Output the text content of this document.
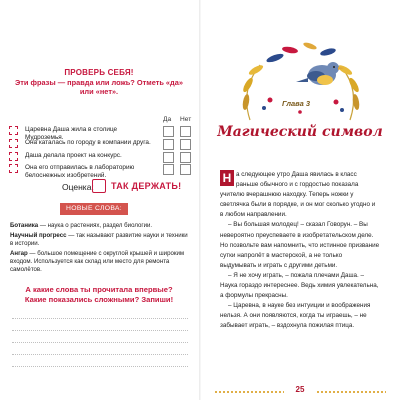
ПРОВЕРЬ СЕБЯ!
Эти фразы — правда или ложь? Отметь «да»
или «нет».
Да Нет
Царевна Даша жила в столице Мудроземья.
Она каталась по городу в компании друга.
Даша делала проект на конкурс.
Она его отправилась в лабораторию белоснежных изобретений.
Оценка: ТАК ДЕРЖАТЬ!
НОВЫЕ СЛОВА:
Ботаника — наука о растениях, раздел биологии.
Научный прогресс — так называют развитие науки и техники в истории.
Ангар — большое помещение с округлой крышей и широким входом. Используется как склад или место для ремонта самолётов.
А какие слова ты прочитала впервые?
Какие показались сложными? Запиши!
Глава 3
Магический символ
Н а следующее утро Даша явилась в класс раньше обычного и с гордостью показала учителю вчерашнюю находку. Теперь ножки у светлячка были в порядке, и он мог сколько угодно и в любом направлении.

– Вы большая молодец! – сказал Говорун. – Вы невероятно преуспеваете в изобретательском деле. Но позвольте вам напомнить, что истинное призвание сутки напролёт в мастерской, а не только выдумывать и играть с другими детьми.

– Я не хочу играть, – пожала плечами Даша. – Наука гораздо интереснее. Ведь химия увлекательна, а формулы прекрасны.

– Царевна, в науке без интуиции и воображения нельзя. А они появляются, когда ты играешь, – не забывает играть, – вздохнула пожилая птица.

25
